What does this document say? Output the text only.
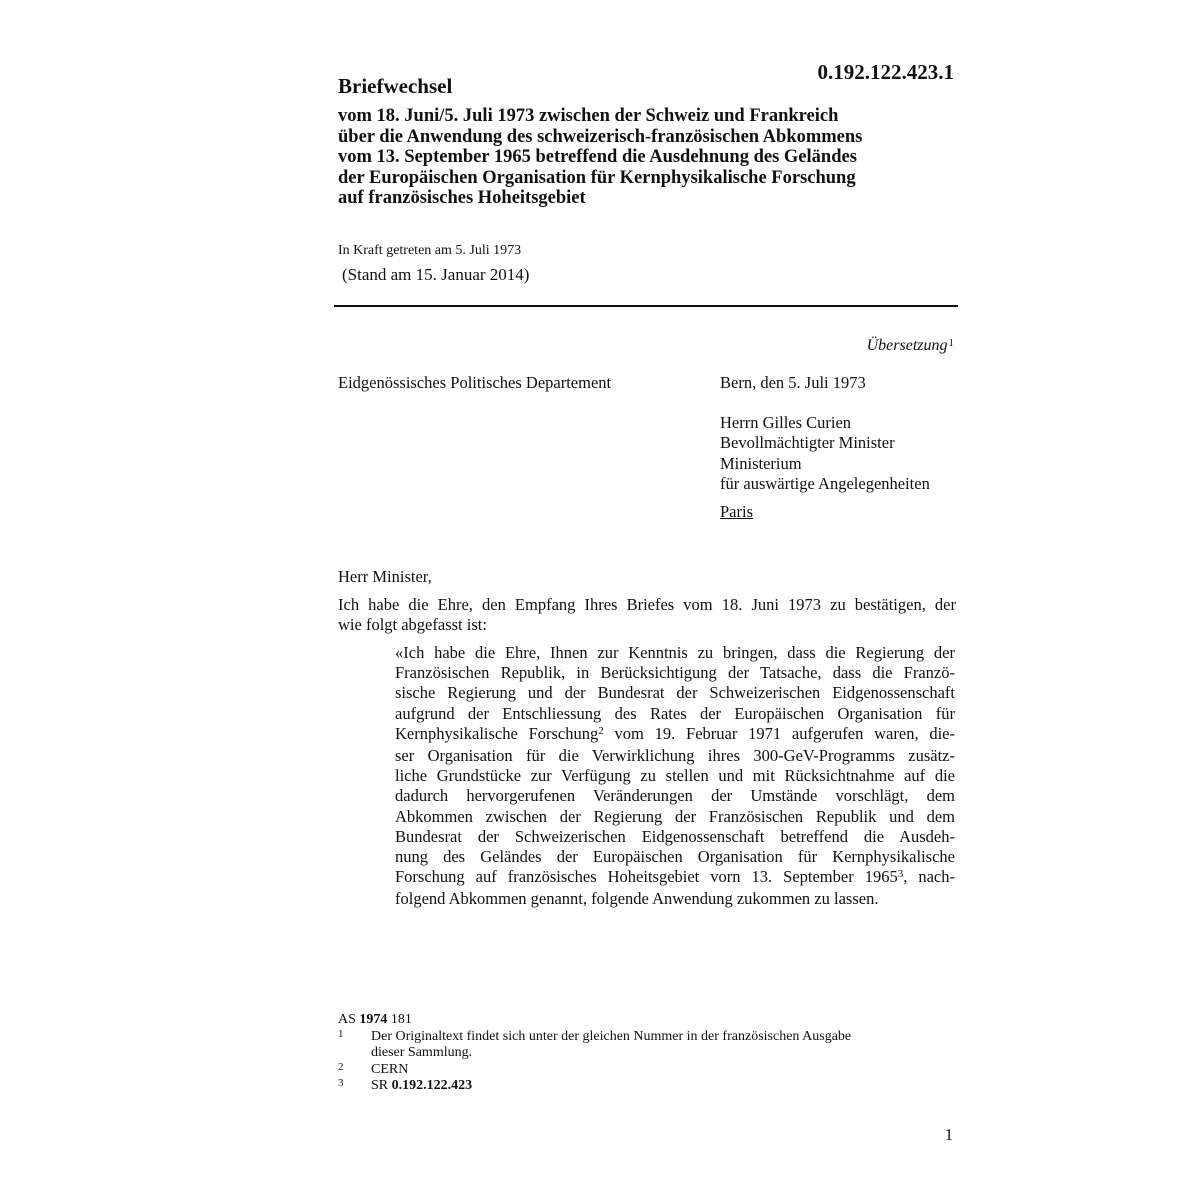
0.192.122.423.1
Briefwechsel
vom 18. Juni/5. Juli 1973 zwischen der Schweiz und Frankreich
über die Anwendung des schweizerisch-französischen Abkommens
vom 13. September 1965 betreffend die Ausdehnung des Geländes
der Europäischen Organisation für Kernphysikalische Forschung
auf französisches Hoheitsgebiet
In Kraft getreten am 5. Juli 1973
(Stand am 15. Januar 2014)
Übersetzung$^1$
Eidgenössisches Politisches Departement	Bern, den 5. Juli 1973
Herrn Gilles Curien
Bevollmächtigter Minister
Ministerium
für auswärtige Angelegenheiten
Paris
Herr Minister,
Ich habe die Ehre, den Empfang Ihres Briefes vom 18. Juni 1973 zu bestätigen, der
wie folgt abgefasst ist:
«Ich habe die Ehre, Ihnen zur Kenntnis zu bringen, dass die Regierung der
Französischen Republik, in Berücksichtigung der Tatsache, dass die Franzö-
sische Regierung und der Bundesrat der Schweizerischen Eidgenossenschaft
aufgrund der Entschliessung des Rates der Europäischen Organisation für
Kernphysikalische Forschung$^2$ vom 19. Februar 1971 aufgerufen waren, die-
ser Organisation für die Verwirklichung ihres 300-GeV-Programms zusätz-
liche Grundstücke zur Verfügung zu stellen und mit Rücksichtnahme auf die
dadurch hervorgerufenen Veränderungen der Umstände vorschlägt, dem
Abkommen zwischen der Regierung der Französischen Republik und dem
Bundesrat der Schweizerischen Eidgenossenschaft betreffend die Ausdeh-
nung des Geländes der Europäischen Organisation für Kernphysikalische
Forschung auf französisches Hoheitsgebiet vorn 13. September 1965$^3$, nach-
folgend Abkommen genannt, folgende Anwendung zukommen zu lassen.
AS 1974 181
1 Der Originaltext findet sich unter der gleichen Nummer in der französischen Ausgabe
dieser Sammlung.
2 CERN
3 SR 0.192.122.423
1
